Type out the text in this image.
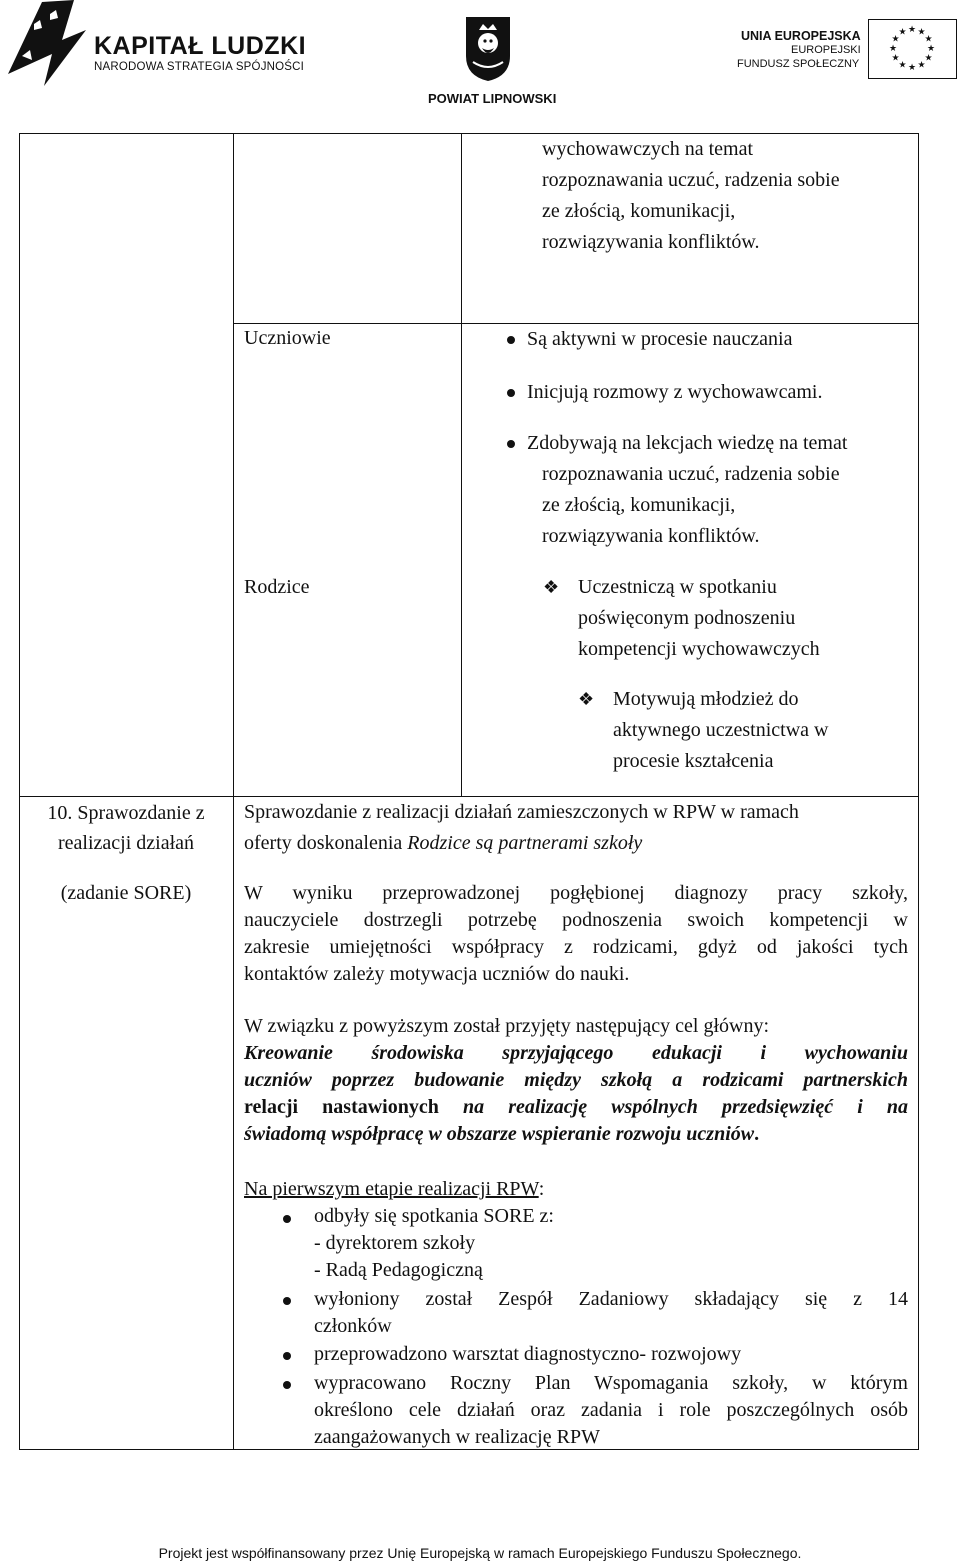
KAPITAŁ LUDZKI
NARODOWA STRATEGIA SPÓJNOŚCI
POWIAT LIPNOWSKI
UNIA EUROPEJSKA
EUROPEJSKI
FUNDUSZ SPOŁECZNY
★ ★
★
★
★
★
★
★
★
★
★
★
wychowawczych na temat
rozpoznawania uczuć, radzenia sobie
ze złością, komunikacji,
rozwiązywania konfliktów.
Uczniowie	Są aktywni w procesie nauczania
Inicjują rozmowy z wychowawcami.
Zdobywają na lekcjach wiedzę na temat
rozpoznawania uczuć, radzenia sobie
ze złością, komunikacji,
rozwiązywania konfliktów.
Rodzice	❖ Uczestniczą w spotkaniu
poświęconym podnoszeniu
kompetencji wychowawczych
❖ Motywują młodzież do
aktywnego uczestnictwa w
procesie kształcenia
10. Sprawozdanie z
realizacji działań
(zadanie SORE)
Sprawozdanie z realizacji działań zamieszczonych w RPW w ramach
oferty doskonalenia Rodzice są partnerami szkoły
W wyniku przeprowadzonej pogłębionej diagnozy pracy szkoły,
nauczyciele dostrzegli potrzebę podnoszenia swoich kompetencji w
zakresie umiejętności współpracy z rodzicami, gdyż od jakości tych
kontaktów zależy motywacja uczniów do nauki.
W związku z powyższym został przyjęty następujący cel główny:
Kreowanie środowiska sprzyjającego edukacji i wychowaniu
uczniów poprzez budowanie między szkołą a rodzicami partnerskich
relacji nastawionych na realizację wspólnych przedsięwzięć i na
świadomą współpracę w obszarze wspieranie rozwoju uczniów.
Na pierwszym etapie realizacji RPW:
odbyły się spotkania SORE z:
- dyrektorem szkoły
- Radą Pedagogiczną
wyłoniony został Zespół Zadaniowy składający się z 14
członków
przeprowadzono warsztat diagnostyczno- rozwojowy
wypracowano Roczny Plan Wspomagania szkoły, w którym
określono cele działań oraz zadania i role poszczególnych osób
zaangażowanych w realizację RPW
Projekt jest współfinansowany przez Unię Europejską w ramach Europejskiego Funduszu Społecznego.
